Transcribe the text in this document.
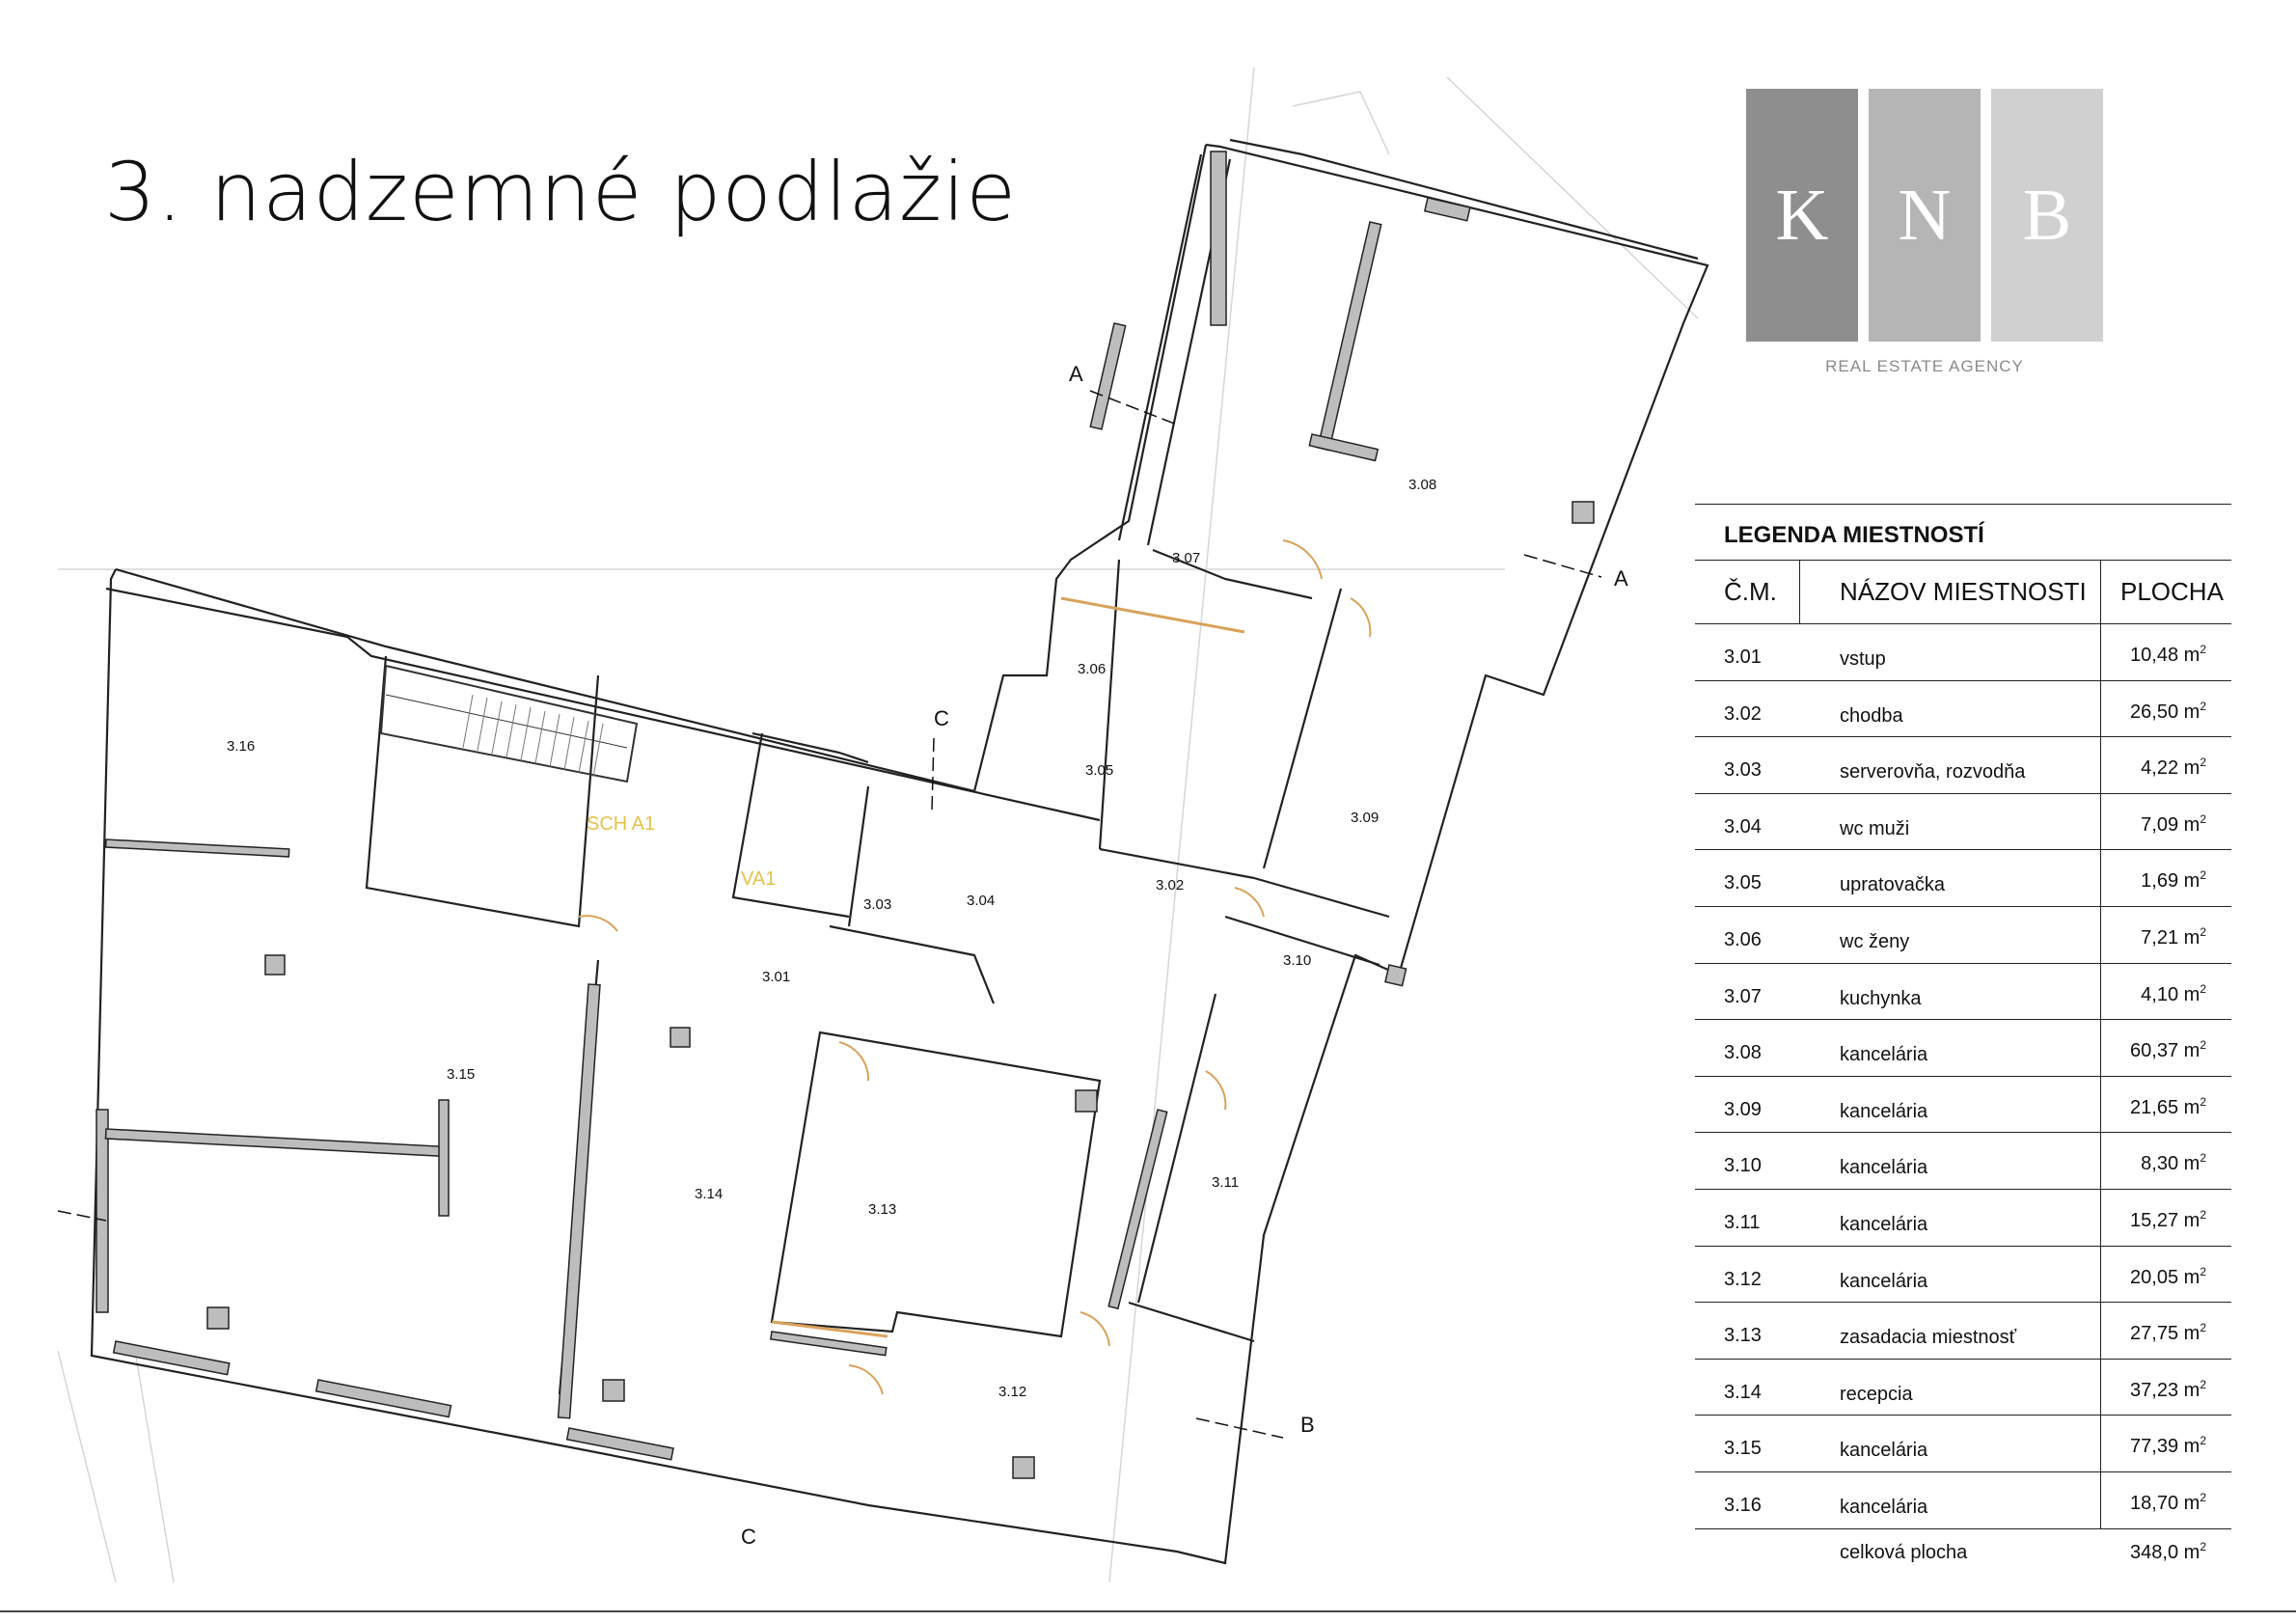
3. nadzemné podlažie
3.01
3.02
3.03	3.04
3.05
3.06
3.07
3.08
3.09
3.10
3.11
3.12
3.13
3.14
3.15
3.16
SCH A1
VA1
A
A
B
C
C
K N B
REAL ESTATE AGENCY
LEGENDA MIESTNOSTÍ
Č.M.	NÁZOV MIESTNOSTI PLOCHA
3.01	vstup	10,48 $m^2$
3.02	chodba	26,50 $m^2$
3.03	serverovňa, rozvodňa	4,22 $m^2$
3.04	wc muži	7,09 $m^2$
3.05	upratovačka	1,69 $m^2$
3.06	wc ženy	7,21 $m^2$
3.07	kuchynka	4,10 $m^2$
3.08	kancelária	60,37 $m^2$
3.09	kancelária	21,65 $m^2$
3.10	kancelária	8,30 $m^2$
3.11	kancelária	15,27 $m^2$
3.12	kancelária	20,05 $m^2$
3.13	zasadacia miestnosť	27,75 $m^2$
3.14	recepcia	37,23 $m^2$
3.15	kancelária	77,39 $m^2$
3.16	kancelária	18,70 $m^2$
celková plocha	348,0 $m^2$
